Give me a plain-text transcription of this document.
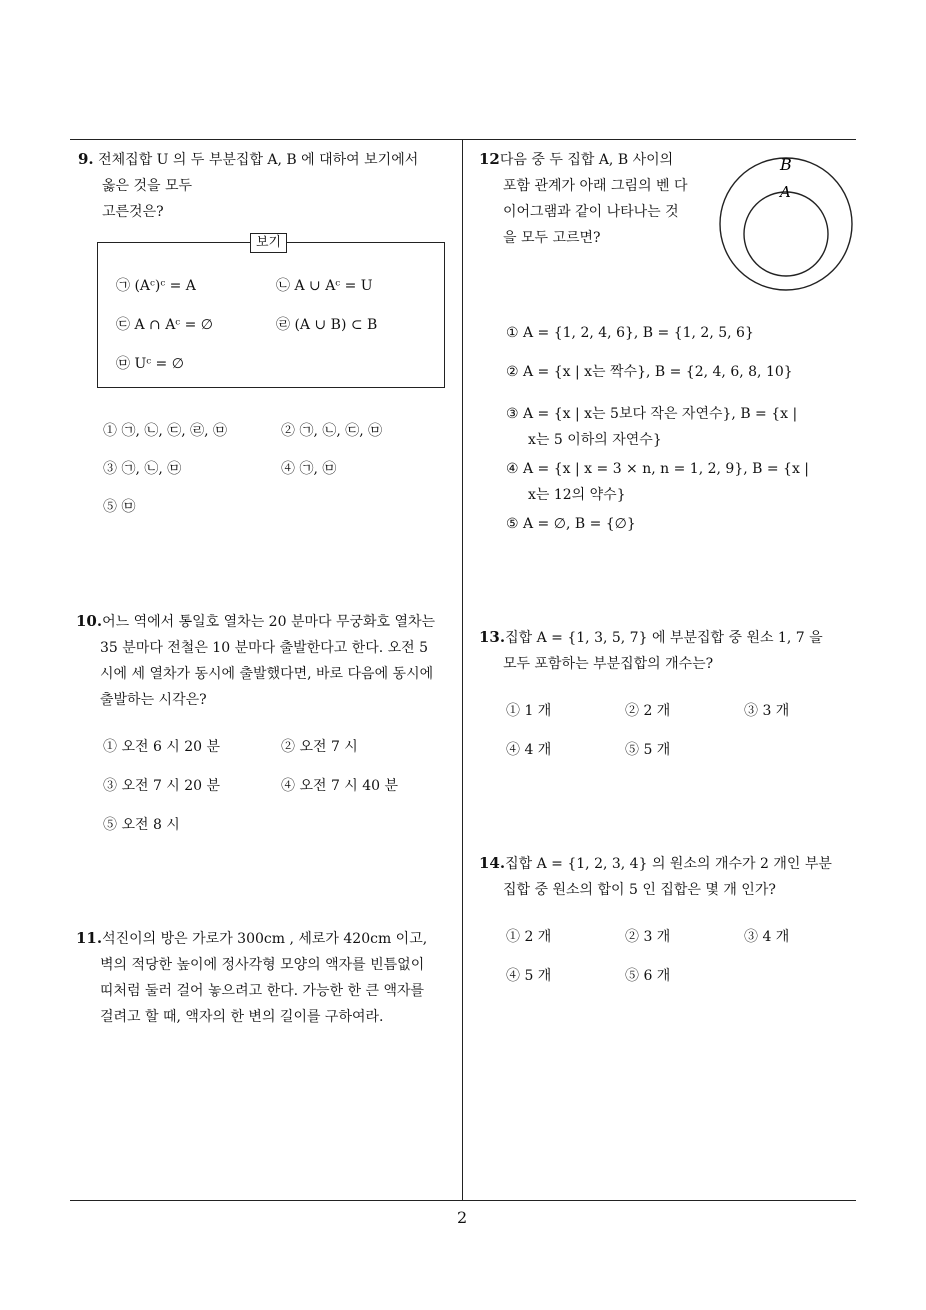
9. 전체집합 U 의 두 부분집합 A, B 에 대하여 보기에서
옳은 것을 모두
고른것은?
보기
㉠ (Aᶜ)ᶜ = A	㉡ A ∪ Aᶜ = U
㉢ A ∩ Aᶜ = ∅	㉣ (A ∪ B) ⊂ B
㉤ Uᶜ = ∅
① ㉠, ㉡, ㉢, ㉣, ㉤	② ㉠, ㉡, ㉢, ㉤
③ ㉠, ㉡, ㉤	④ ㉠, ㉤
⑤ ㉤
10.어느 역에서 통일호 열차는 20 분마다 무궁화호 열차는
35 분마다 전철은 10 분마다 출발한다고 한다. 오전 5
시에 세 열차가 동시에 출발했다면, 바로 다음에 동시에
출발하는 시각은?
① 오전 6 시 20 분	② 오전 7 시
③ 오전 7 시 20 분	④ 오전 7 시 40 분
⑤ 오전 8 시
11.석진이의 방은 가로가 300cm , 세로가 420cm 이고,
벽의 적당한 높이에 정사각형 모양의 액자를 빈틈없이
띠처럼 둘러 걸어 놓으려고 한다. 가능한 한 큰 액자를
걸려고 할 때, 액자의 한 변의 길이를 구하여라.
12다음 중 두 집합 A, B 사이의
포함 관계가 아래 그림의 벤 다
이어그램과 같이 나타나는 것
을 모두 고르면?
B
A
① A = {1, 2, 4, 6}, B = {1, 2, 5, 6}
② A = {x | x는 짝수}, B = {2, 4, 6, 8, 10}
③ A = {x | x는 5보다 작은 자연수}, B = {x |
x는 5 이하의 자연수}
④ A = {x | x = 3 × n, n = 1, 2, 9}, B = {x |
x는 12의 약수}
⑤ A = ∅, B = {∅}
13.집합 A = {1, 3, 5, 7} 에 부분집합 중 원소 1, 7 을
모두 포함하는 부분집합의 개수는?
① 1 개	② 2 개	③ 3 개
④ 4 개	⑤ 5 개
14.집합 A = {1, 2, 3, 4} 의 원소의 개수가 2 개인 부분
집합 중 원소의 합이 5 인 집합은 몇 개 인가?
① 2 개	② 3 개	③ 4 개
④ 5 개	⑤ 6 개
2
